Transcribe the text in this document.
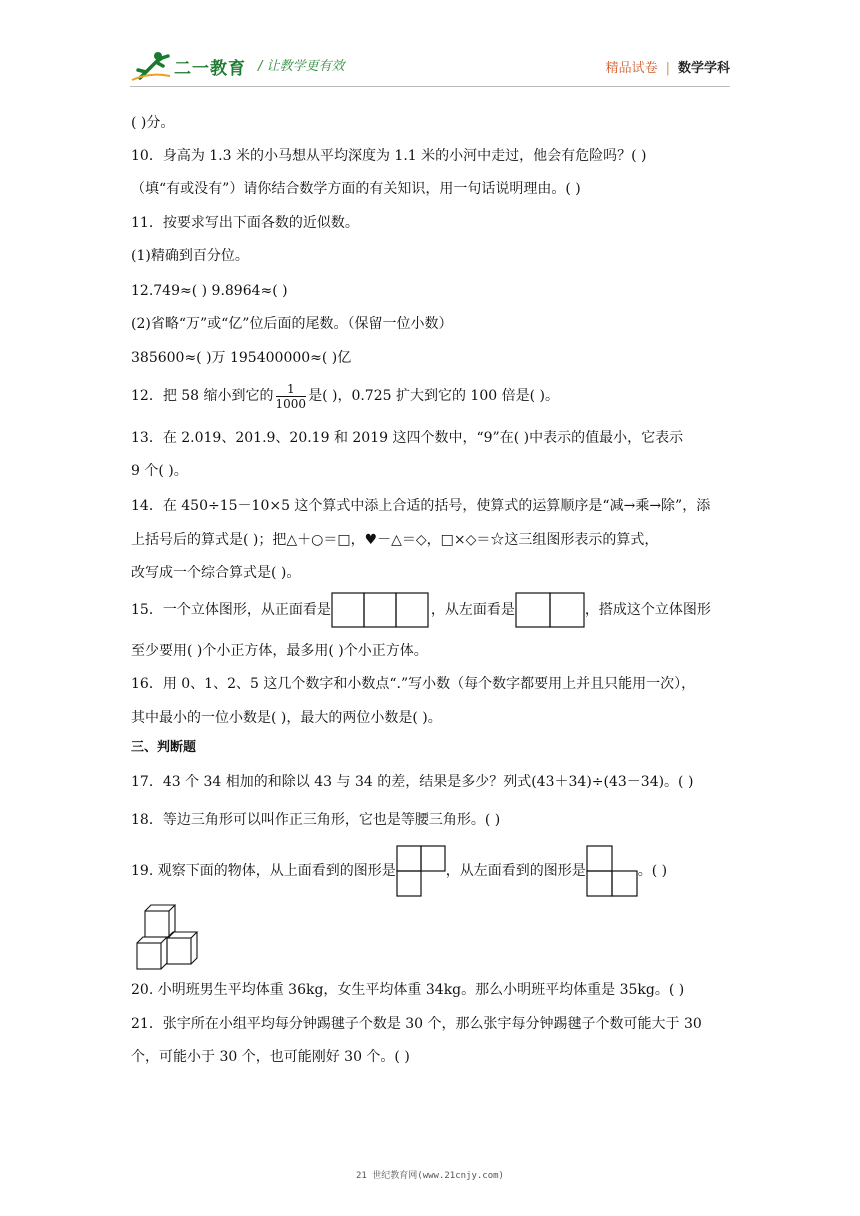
二一教育 / 让教学更有效	精品试卷 | 数学学科
( )分。
10．身高为 1.3 米的小马想从平均深度为 1.1 米的小河中走过，他会有危险吗？( )
（填“有或没有”）请你结合数学方面的有关知识，用一句话说明理由。( )
11．按要求写出下面各数的近似数。
(1)精确到百分位。
12.749≈( ) 9.8964≈( )
(2)省略“万”或“亿”位后面的尾数。（保留一位小数）
385600≈( )万 195400000≈( )亿
12．把 58 缩小到它的 $\frac{1}{1000}$ 是( )，0.725 扩大到它的 100 倍是( )。
13．在 2.019、201.9、20.19 和 2019 这四个数中，“9”在( )中表示的值最小，它表示
9 个( )。
14．在 450÷15－10×5 这个算式中添上合适的括号，使算式的运算顺序是“减→乘→除”，添
上括号后的算式是( )；把△＋○＝□，♥－△＝◇，□×◇＝☆这三组图形表示的算式，
改写成一个综合算式是( )。
15．一个立体图形，从正面看是	，从左面看是	，搭成这个立体图形
至少要用( )个小正方体，最多用( )个小正方体。
16．用 0、1、2、5 这几个数字和小数点“.”写小数（每个数字都要用上并且只能用一次），
其中最小的一位小数是( )，最大的两位小数是( )。
三、判断题
17．43 个 34 相加的和除以 43 与 34 的差，结果是多少？列式(43＋34)÷(43－34)。( )
18．等边三角形可以叫作正三角形，它也是等腰三角形。( )
19. 观察下面的物体，从上面看到的图形是	，从左面看到的图形是	。( )
20. 小明班男生平均体重 36kg，女生平均体重 34kg。那么小明班平均体重是 35kg。( )
21．张宇所在小组平均每分钟踢毽子个数是 30 个，那么张宇每分钟踢毽子个数可能大于 30
个，可能小于 30 个，也可能刚好 30 个。( )
21 世纪教育网(www.21cnjy.com)
